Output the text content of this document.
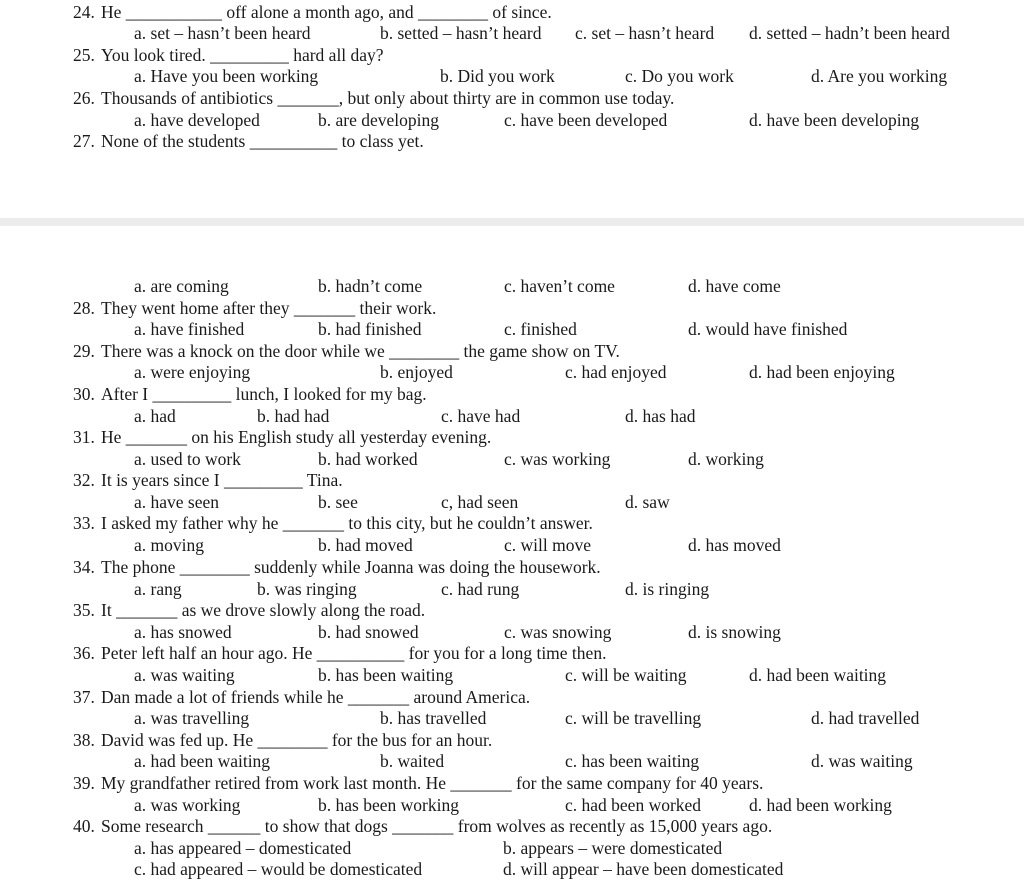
24. He ___________ off alone a month ago, and ________ of since.
a. set – hasn’t been heard	b. setted – hasn’t heard c. set – hasn’t heard d. setted – hadn’t been heard
25. You look tired. _________ hard all day?
a. Have you been working	b. Did you work	c. Do you work	d. Are you working
26. Thousands of antibiotics _______, but only about thirty are in common use today.
a. have developed	b. are developing	c. have been developed	d. have been developing
27. None of the students __________ to class yet.
a. are coming	b. hadn’t come	c. haven’t come	d. have come
28. They went home after they _______ their work.
a. have finished	b. had finished	c. finished	d. would have finished
29. There was a knock on the door while we ________ the game show on TV.
a. were enjoying	b. enjoyed	c. had enjoyed	d. had been enjoying
30. After I _________ lunch, I looked for my bag.
a. had	b. had had	c. have had	d. has had
31. He _______ on his English study all yesterday evening.
a. used to work	b. had worked	c. was working	d. working
32. It is years since I _________ Tina.
a. have seen	b. see	c, had seen	d. saw
33. I asked my father why he _______ to this city, but he couldn’t answer.
a. moving	b. had moved	c. will move	d. has moved
34. The phone ________ suddenly while Joanna was doing the housework.
a. rang	b. was ringing	c. had rung	d. is ringing
35. It _______ as we drove slowly along the road.
a. has snowed	b. had snowed	c. was snowing	d. is snowing
36. Peter left half an hour ago. He __________ for you for a long time then.
a. was waiting	b. has been waiting	c. will be waiting	d. had been waiting
37. Dan made a lot of friends while he _______ around America.
a. was travelling	b. has travelled	c. will be travelling	d. had travelled
38. David was fed up. He ________ for the bus for an hour.
a. had been waiting	b. waited	c. has been waiting	d. was waiting
39. My grandfather retired from work last month. He _______ for the same company for 40 years.
a. was working	b. has been working	c. had been worked	d. had been working
40. Some research ______ to show that dogs _______ from wolves as recently as 15,000 years ago.
a. has appeared – domesticated	b. appears – were domesticated
c. had appeared – would be domesticated	d. will appear – have been domesticated
